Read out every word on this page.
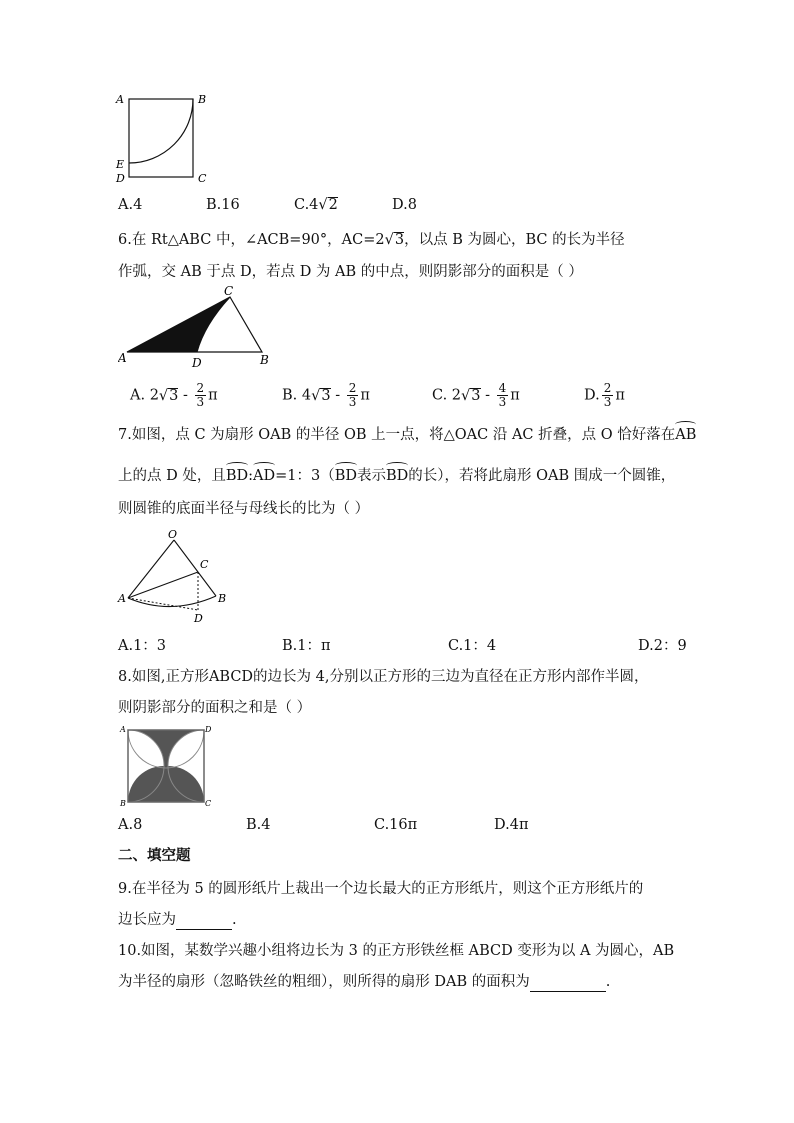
A	B
E
D	C
A.4	B.16	C.4 √ 2	D.8
6.在 Rt△ABC 中，∠ACB=90°，AC=2 √ 3，以点 B 为圆心，BC 的长为半径
作弧，交 AB 于点 D，若点 D 为 AB 的中点，则阴影部分的面积是（ ）
A
C
D	B
A. 2 √ $3 - \frac{2}{3}$ π	B. 4 √ $3 - \frac{2}{3}$ π	C. 2 √ $3 - \frac{4}{3}$ π	D. $\frac{2}{3}$ π
7.如图，点 C 为扇形 OAB 的半径 OB 上一点，将△OAC 沿 AC 折叠，点 O 恰好落在AB
上的点 D 处，且BD:AD=1：3（BD表示BD的长），若将此扇形 OAB 围成一个圆锥，
则圆锥的底面半径与母线长的比为（ ）
O
C
A	B
D
A.1：3	B.1：π	C.1：4	D.2：9
8.如图,正方形ABCD的边长为 4,分别以正方形的三边为直径在正方形内部作半圆，
则阴影部分的面积之和是（ ）
A	D
B	C
A.8	B.4	C.16π	D.4π
二、填空题
9.在半径为 5 的圆形纸片上裁出一个边长最大的正方形纸片，则这个正方形纸片的
边长应为	.
10.如图，某数学兴趣小组将边长为 3 的正方形铁丝框 ABCD 变形为以 A 为圆心，AB
为半径的扇形（忽略铁丝的粗细），则所得的扇形 DAB 的面积为	.
